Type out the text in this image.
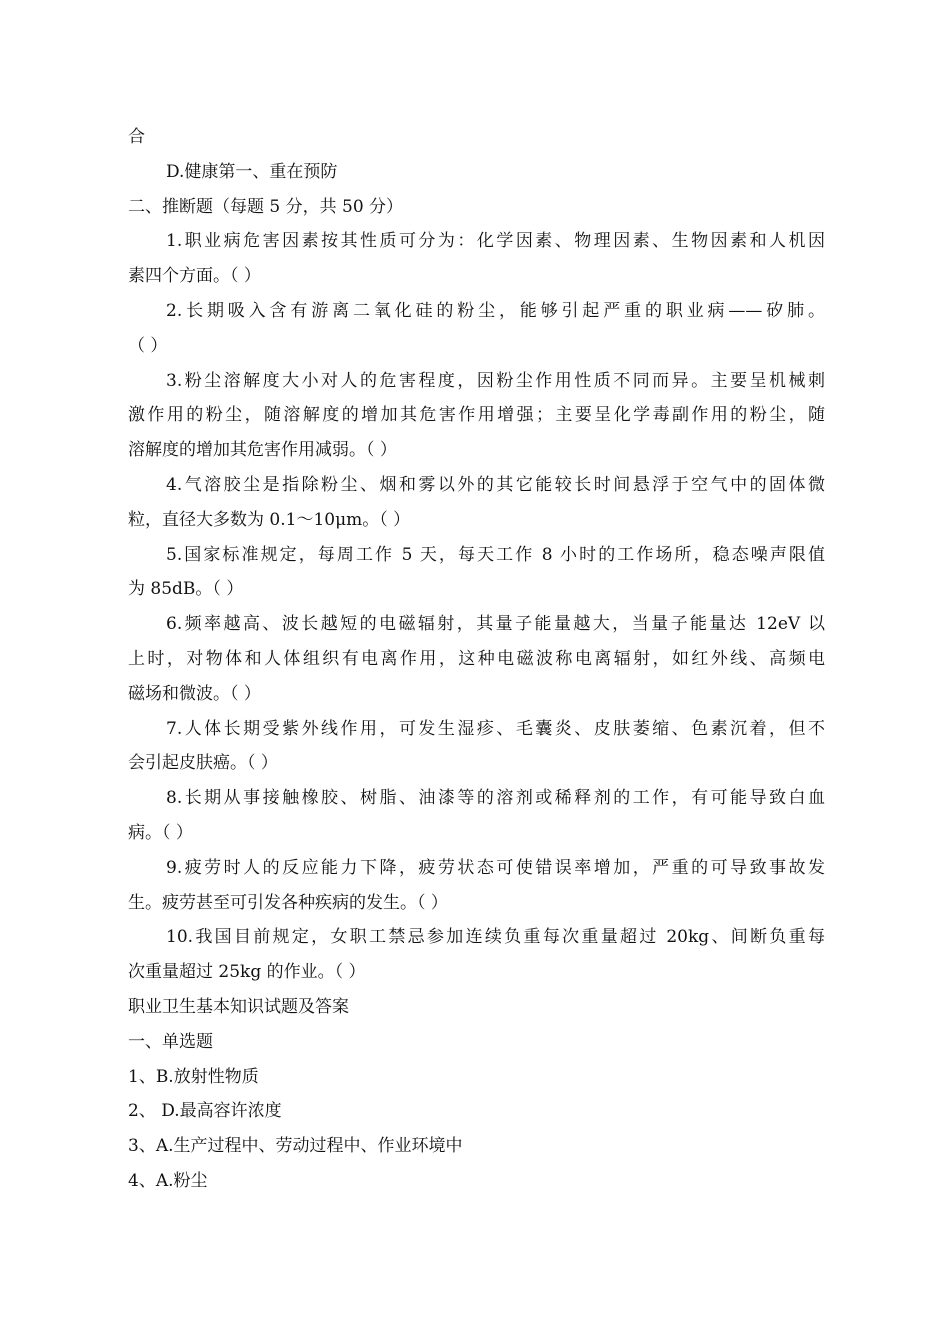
合

D.健康第一、重在预防

二、推断题（每题 5 分，共 50 分）

1.职业病危害因素按其性质可分为：化学因素、物理因素、生物因素和人机因

素四个方面。（ ）

2.长期吸入含有游离二氧化硅的粉尘，能够引起严重的职业病——矽肺。

（ ）

3.粉尘溶解度大小对人的危害程度，因粉尘作用性质不同而异。主要呈机械刺

激作用的粉尘，随溶解度的增加其危害作用增强；主要呈化学毒副作用的粉尘，随

溶解度的增加其危害作用减弱。（ ）

4.气溶胶尘是指除粉尘、烟和雾以外的其它能较长时间悬浮于空气中的固体微

粒，直径大多数为 0.1～10μm。（ ）

5.国家标准规定，每周工作 5 天，每天工作 8 小时的工作场所，稳态噪声限值

为 85dB。（ ）

6.频率越高、波长越短的电磁辐射，其量子能量越大，当量子能量达 12eV 以

上时，对物体和人体组织有电离作用，这种电磁波称电离辐射，如红外线、高频电

磁场和微波。（ ）

7.人体长期受紫外线作用，可发生湿疹、毛囊炎、皮肤萎缩、色素沉着，但不

会引起皮肤癌。（ ）

8.长期从事接触橡胶、树脂、油漆等的溶剂或稀释剂的工作，有可能导致白血

病。（ ）

9.疲劳时人的反应能力下降，疲劳状态可使错误率增加，严重的可导致事故发

生。疲劳甚至可引发各种疾病的发生。（ ）

10.我国目前规定，女职工禁忌参加连续负重每次重量超过 20kg、间断负重每

次重量超过 25kg 的作业。（ ）

职业卫生基本知识试题及答案

一、单选题

1、B.放射性物质

2、 D.最高容许浓度

3、A.生产过程中、劳动过程中、作业环境中

4、A.粉尘
